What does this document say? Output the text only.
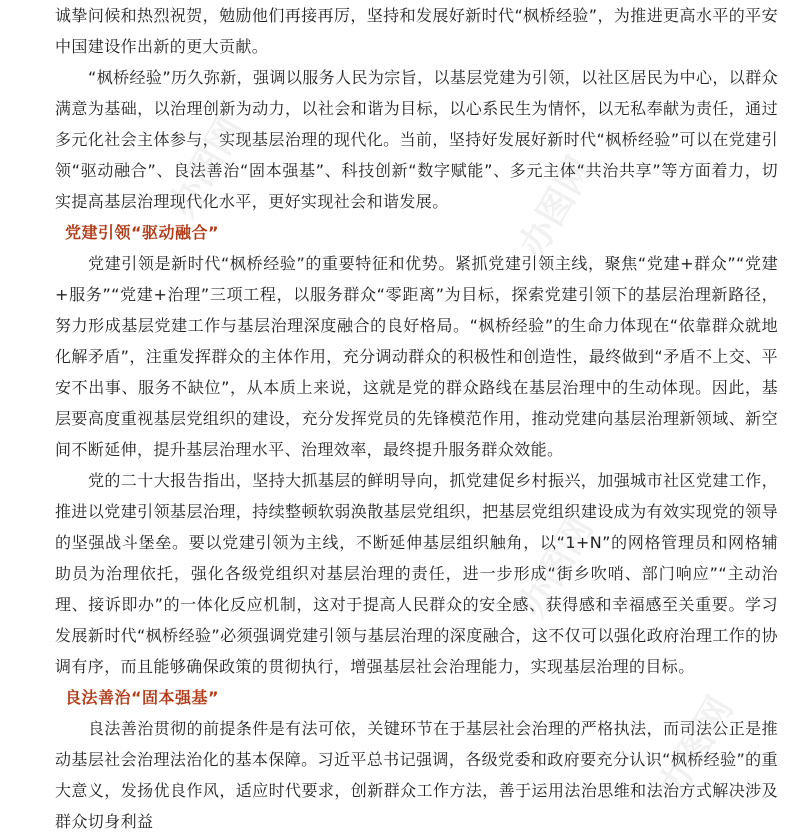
诚挚问候和热烈祝贺，勉励他们再接再厉，坚持和发展好新时代“枫桥经验”，为推进更高水平的平安中国建设作出新的更大贡献。

“枫桥经验”历久弥新，强调以服务人民为宗旨，以基层党建为引领，以社区居民为中心，以群众满意为基础，以治理创新为动力，以社会和谐为目标，以心系民生为情怀，以无私奉献为责任，通过多元化社会主体参与，实现基层治理的现代化。当前，坚持好发展好新时代“枫桥经验”可以在党建引领“驱动融合”、良法善治“固本强基”、科技创新“数字赋能”、多元主体“共治共享”等方面着力，切实提高基层治理现代化水平，更好实现社会和谐发展。

党建引领“驱动融合”

党建引领是新时代“枫桥经验”的重要特征和优势。紧抓党建引领主线，聚焦“党建+群众”“党建+服务”“党建+治理”三项工程，以服务群众“零距离”为目标，探索党建引领下的基层治理新路径，努力形成基层党建工作与基层治理深度融合的良好格局。“枫桥经验”的生命力体现在“依靠群众就地化解矛盾”，注重发挥群众的主体作用，充分调动群众的积极性和创造性，最终做到“矛盾不上交、平安不出事、服务不缺位”，从本质上来说，这就是党的群众路线在基层治理中的生动体现。因此，基层要高度重视基层党组织的建设，充分发挥党员的先锋模范作用，推动党建向基层治理新领域、新空间不断延伸，提升基层治理水平、治理效率，最终提升服务群众效能。

党的二十大报告指出，坚持大抓基层的鲜明导向，抓党建促乡村振兴，加强城市社区党建工作，推进以党建引领基层治理，持续整顿软弱涣散基层党组织，把基层党组织建设成为有效实现党的领导的坚强战斗堡垒。要以党建引领为主线，不断延伸基层组织触角，以“1+N”的网格管理员和网格辅助员为治理依托，强化各级党组织对基层治理的责任，进一步形成“街乡吹哨、部门响应”“主动治理、接诉即办”的一体化反应机制，这对于提高人民群众的安全感、获得感和幸福感至关重要。学习发展新时代“枫桥经验”必须强调党建引领与基层治理的深度融合，这不仅可以强化政府治理工作的协调有序，而且能够确保政策的贯彻执行，增强基层社会治理能力，实现基层治理的目标。

良法善治“固本强基”

良法善治贯彻的前提条件是有法可依，关键环节在于基层社会治理的严格执法，而司法公正是推动基层社会治理法治化的基本保障。习近平总书记强调，各级党委和政府要充分认识“枫桥经验”的重大意义，发扬优良作风，适应时代要求，创新群众工作方法，善于运用法治思维和法治方式解决涉及群众切身利益

办图网	办图网
办图网
办图网
